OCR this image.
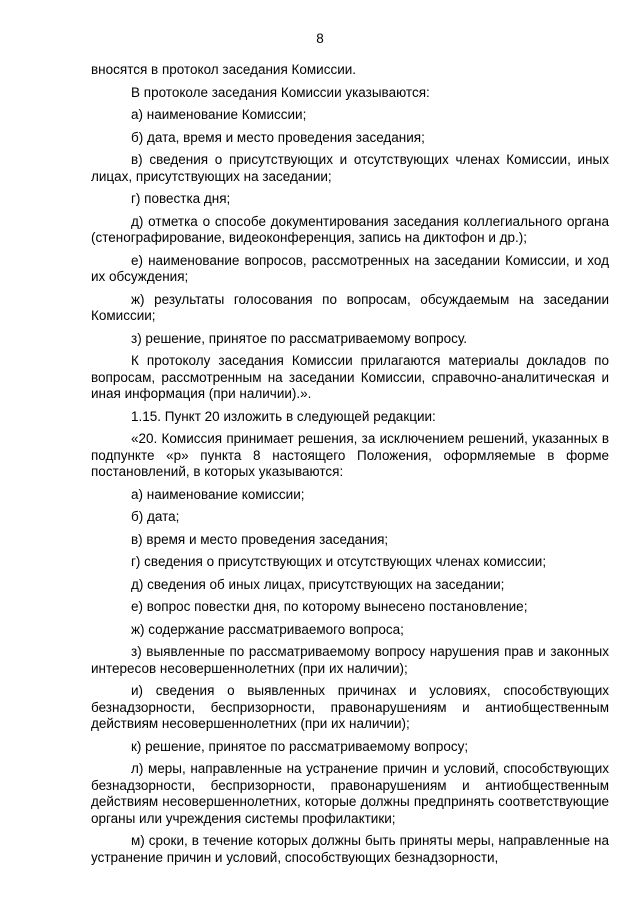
8

вносятся в протокол заседания Комиссии.

В протоколе заседания Комиссии указываются:

а) наименование Комиссии;

б) дата, время и место проведения заседания;

в) сведения о присутствующих и отсутствующих членах Комиссии, иных лицах, присутствующих на заседании;

г) повестка дня;

д) отметка о способе документирования заседания коллегиального органа (стенографирование, видеоконференция, запись на диктофон и др.);

е) наименование вопросов, рассмотренных на заседании Комиссии, и ход их обсуждения;

ж) результаты голосования по вопросам, обсуждаемым на заседании Комиссии;

з) решение, принятое по рассматриваемому вопросу.

К протоколу заседания Комиссии прилагаются материалы докладов по вопросам, рассмотренным на заседании Комиссии, справочно-аналитическая и иная информация (при наличии).».

1.15. Пункт 20 изложить в следующей редакции:

«20. Комиссия принимает решения, за исключением решений, указанных в подпункте «р» пункта 8 настоящего Положения, оформляемые в форме постановлений, в которых указываются:

а) наименование комиссии;

б) дата;

в) время и место проведения заседания;

г) сведения о присутствующих и отсутствующих членах комиссии;

д) сведения об иных лицах, присутствующих на заседании;

е) вопрос повестки дня, по которому вынесено постановление;

ж) содержание рассматриваемого вопроса;

з) выявленные по рассматриваемому вопросу нарушения прав и законных интересов несовершеннолетних (при их наличии);

и) сведения о выявленных причинах и условиях, способствующих безнадзорности, беспризорности, правонарушениям и антиобщественным действиям несовершеннолетних (при их наличии);

к) решение, принятое по рассматриваемому вопросу;

л) меры, направленные на устранение причин и условий, способствующих безнадзорности, беспризорности, правонарушениям и антиобщественным действиям несовершеннолетних, которые должны предпринять соответствующие органы или учреждения системы профилактики;

м) сроки, в течение которых должны быть приняты меры, направленные на устранение причин и условий, способствующих безнадзорности,
